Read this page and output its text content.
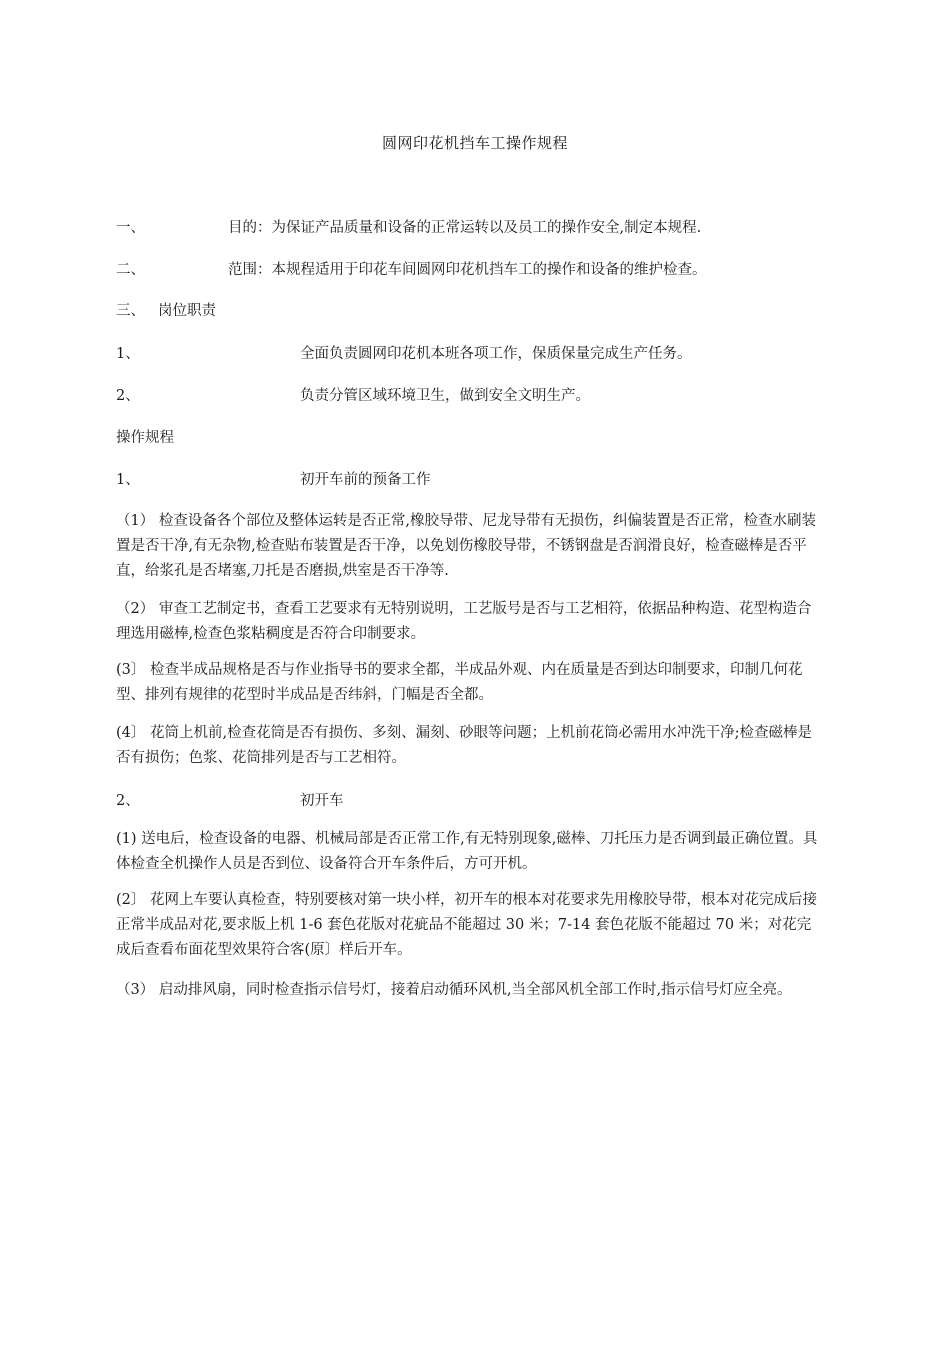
圆网印花机挡车工操作规程
一、	目的：为保证产品质量和设备的正常运转以及员工的操作安全,制定本规程.
二、	范围：本规程适用于印花车间圆网印花机挡车工的操作和设备的维护检查。
三、 岗位职责
1、	全面负责圆网印花机本班各项工作，保质保量完成生产任务。
2、	负责分管区域环境卫生，做到安全文明生产。
操作规程
1、	初开车前的预备工作
（1） 检查设备各个部位及整体运转是否正常,橡胶导带、尼龙导带有无损伤，纠偏装置是否正常，检查水刷装置是否干净,有无杂物,检查贴布装置是否干净，以免划伤橡胶导带，不锈钢盘是否润滑良好，检查磁棒是否平直，给浆孔是否堵塞,刀托是否磨损,烘室是否干净等.
（2） 审查工艺制定书，查看工艺要求有无特别说明，工艺版号是否与工艺相符，依据品种构造、花型构造合理选用磁棒,检查色浆粘稠度是否符合印制要求。
(3〕 检查半成品规格是否与作业指导书的要求全都，半成品外观、内在质量是否到达印制要求，印制几何花型、排列有规律的花型时半成品是否纬斜，门幅是否全都。
(4〕 花筒上机前,检查花筒是否有损伤、多刻、漏刻、砂眼等问题；上机前花筒必需用水冲洗干净;检查磁棒是否有损伤；色浆、花筒排列是否与工艺相符。
2、	初开车
(1) 送电后，检查设备的电器、机械局部是否正常工作,有无特别现象,磁棒、刀托压力是否调到最正确位置。具体检查全机操作人员是否到位、设备符合开车条件后，方可开机。
(2〕 花网上车要认真检查，特别要核对第一块小样，初开车的根本对花要求先用橡胶导带，根本对花完成后接正常半成品对花,要求版上机 1-6 套色花版对花疵品不能超过 30 米；7-14 套色花版不能超过 70 米；对花完成后查看布面花型效果符合客(原〕样后开车。
（3） 启动排风扇，同时检查指示信号灯，接着启动循环风机,当全部风机全部工作时,指示信号灯应全亮。
